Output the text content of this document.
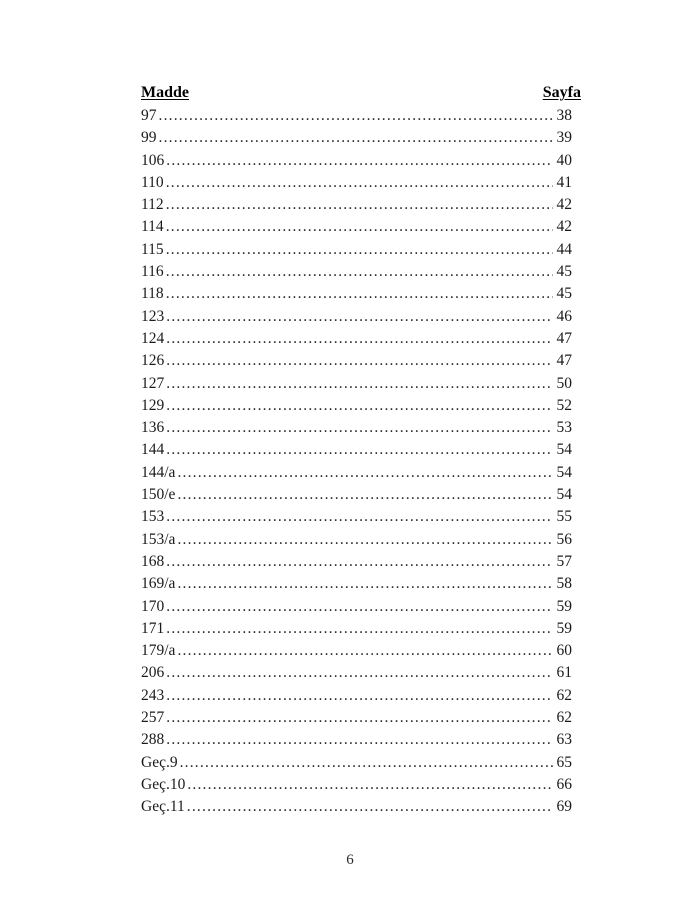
Madde	Sayfa
97 .....	38
99 .....	39
106 .....	40
110 .....	41
112 .....	42
114 .....	42
115 .....	44
116 .....	45
118 .....	45
123 .....	46
124 .....	47
126 .....	47
127 .....	50
129 .....	52
136 .....	53
144 .....	54
144/a .....	54
150/e .....	54
153 .....	55
153/a .....	56
168 .....	57
169/a .....	58
170 .....	59
171 .....	59
179/a .....	60
206 .....	61
243 .....	62
257 .....	62
288 .....	63
Geç.9 .....	65
Geç.10 .....	66
Geç.11 .....	69
6
